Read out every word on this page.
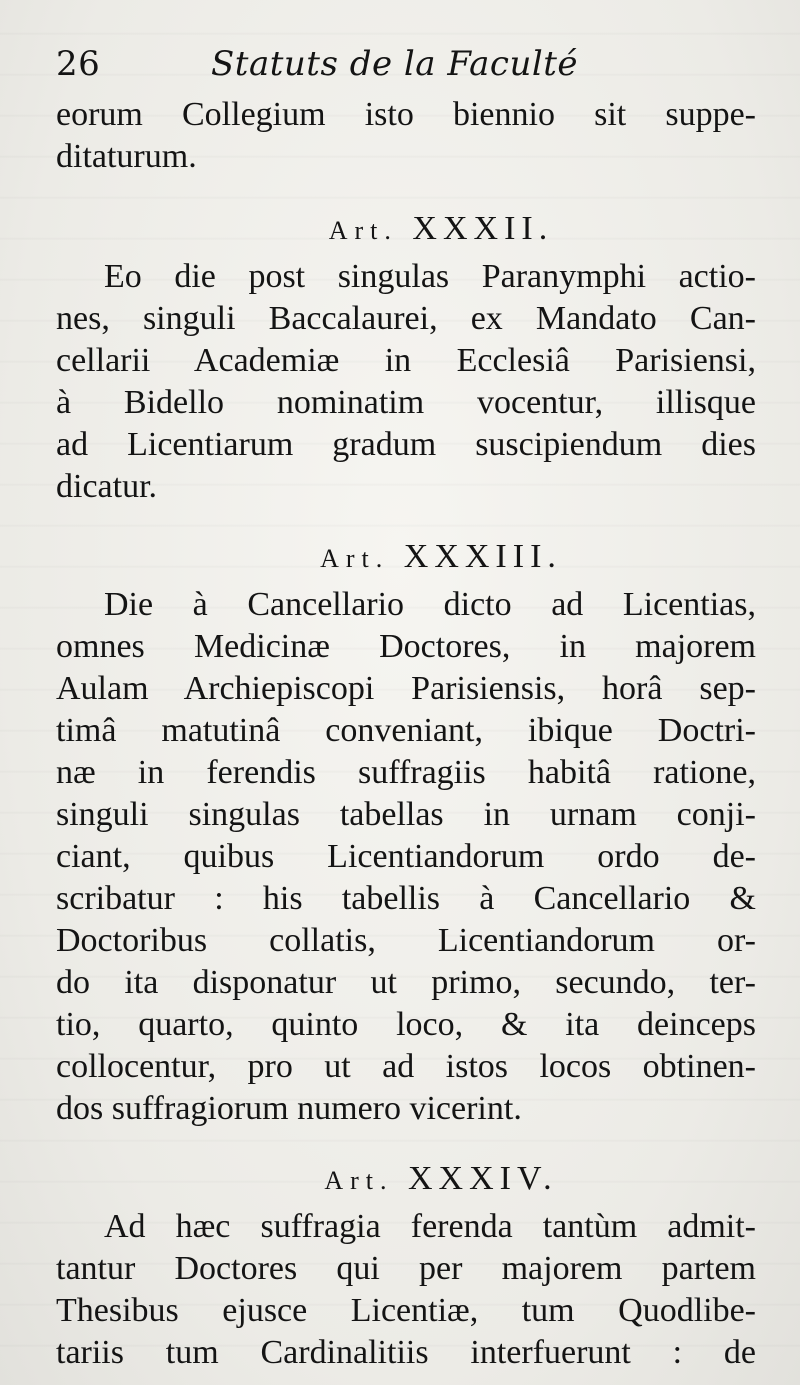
26	Statuts de la Faculté
eorum Collegium isto biennio sit suppe-
ditaturum.
Art. XXXII.
Eo die post singulas Paranymphi actio-
nes, singuli Baccalaurei, ex Mandato Can-
cellarii Academiæ in Ecclesiâ Parisiensi,
à Bidello nominatim vocentur, illisque
ad Licentiarum gradum suscipiendum dies
dicatur.
Art. XXXIII.
Die à Cancellario dicto ad Licentias,
omnes Medicinæ Doctores, in majorem
Aulam Archiepiscopi Parisiensis, horâ sep-
timâ matutinâ conveniant, ibique Doctri-
næ in ferendis suffragiis habitâ ratione,
singuli singulas tabellas in urnam conji-
ciant, quibus Licentiandorum ordo de-
scribatur : his tabellis à Cancellario &
Doctoribus collatis, Licentiandorum or-
do ita disponatur ut primo, secundo, ter-
tio, quarto, quinto loco, & ita deinceps
collocentur, pro ut ad istos locos obtinen-
dos suffragiorum numero vicerint.
Art. XXXIV.
Ad hæc suffragia ferenda tantùm admit-
tantur Doctores qui per majorem partem
Thesibus ejusce Licentiæ, tum Quodlibe-
tariis tum Cardinalitiis interfuerunt : de
